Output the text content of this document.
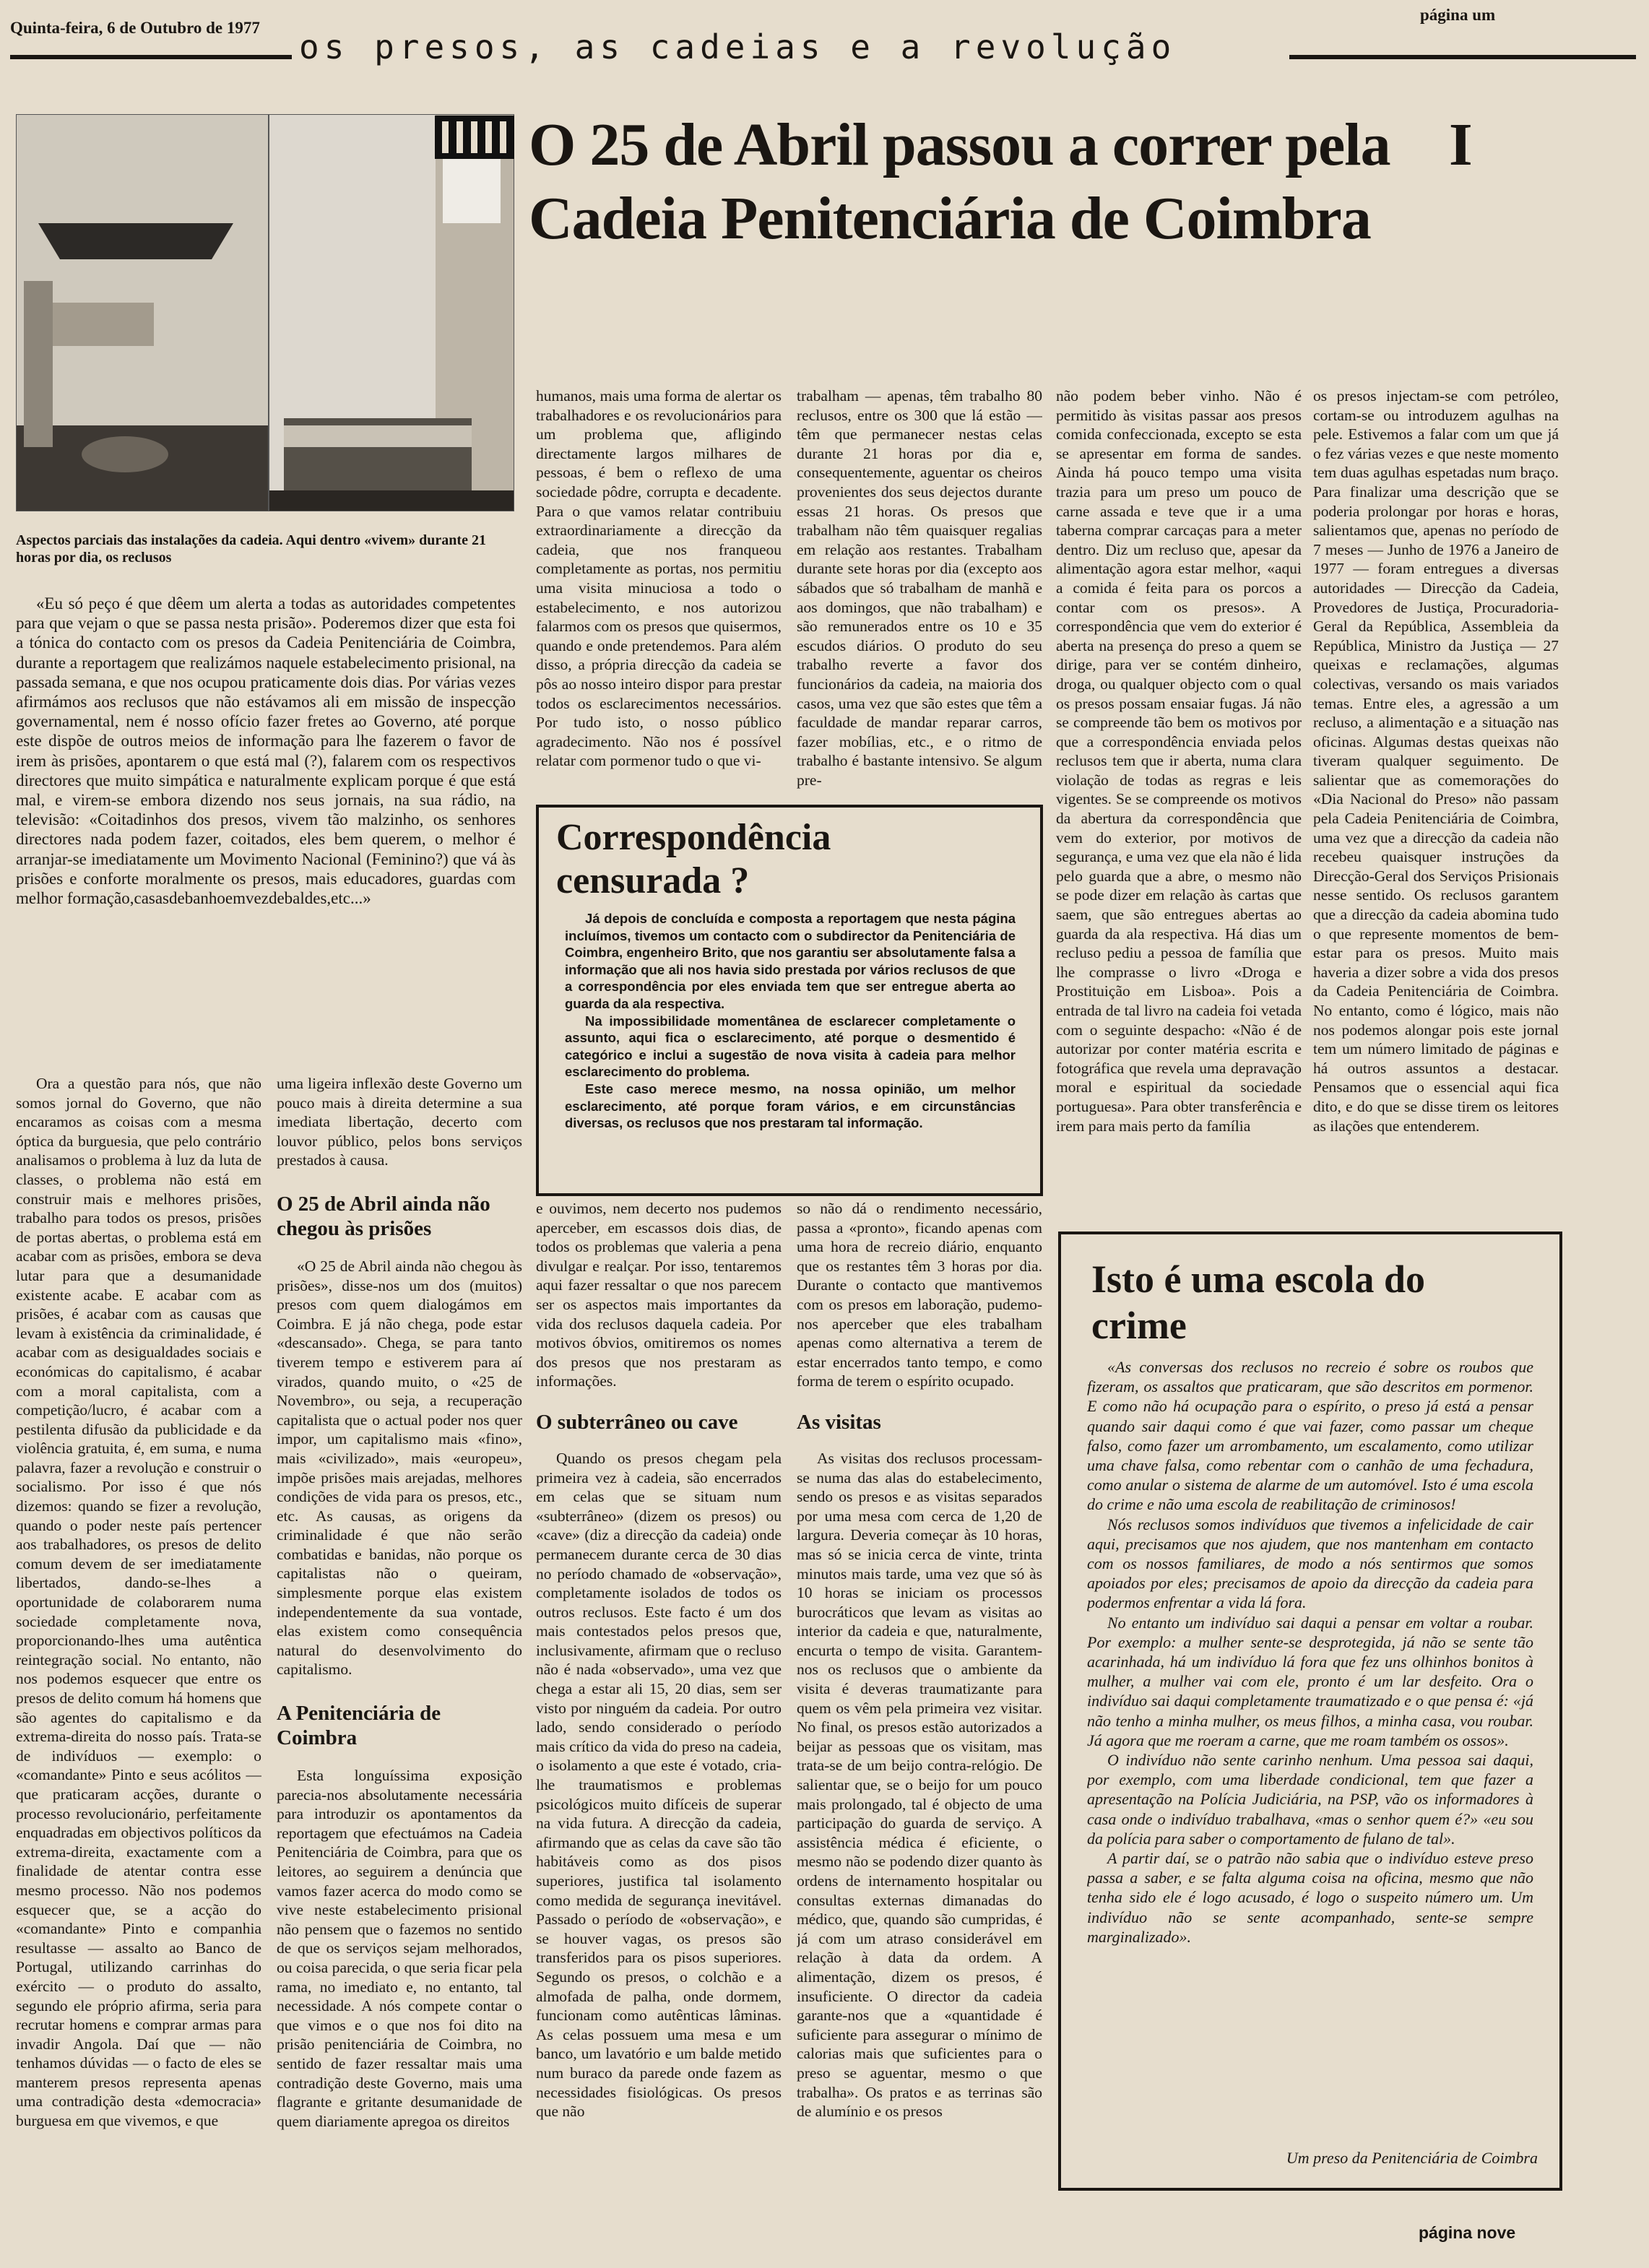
Quinta-feira, 6 de Outubro de 1977
página um
os presos, as cadeias e a revolução
Aspectos parciais das instalações da cadeia. Aqui dentro «vivem» durante 21 horas por dia, os reclusos
O 25 de Abril passou a correr pela Cadeia Penitenciária de Coimbra
I

«Eu só peço é que dêem um alerta a todas as autoridades competentes para que vejam o que se passa nesta prisão». Poderemos dizer que esta foi a tónica do contacto com os presos da Cadeia Penitenciária de Coimbra, durante a reportagem que realizámos naquele estabelecimento prisional, na passada semana, e que nos ocupou praticamente dois dias. Por várias vezes afirmámos aos reclusos que não estávamos ali em missão de inspecção governamental, nem é nosso ofício fazer fretes ao Governo, até porque este dispõe de outros meios de informação para lhe fazerem o favor de irem às prisões, apontarem o que está mal (?), falarem com os respectivos directores que muito simpática e naturalmente explicam porque é que está mal, e virem-se embora dizendo nos seus jornais, na sua rádio, na televisão: «Coitadinhos dos presos, vivem tão malzinho, os senhores directores nada podem fazer, coitados, eles bem querem, o melhor é arranjar-se imediatamente um Movimento Nacional (Feminino?) que vá às prisões e conforte moralmente os presos, mais educadores, guardas com melhor formação,casasdebanhoemvezdebaldes,etc...»

Ora a questão para nós, que não somos jornal do Governo, que não encaramos as coisas com a mesma óptica da burguesia, que pelo contrário analisamos o problema à luz da luta de classes, o problema não está em construir mais e melhores prisões, trabalho para todos os presos, prisões de portas abertas, o problema está em acabar com as prisões, embora se deva lutar para que a desumanidade existente acabe. E acabar com as prisões, é acabar com as causas que levam à existência da criminalidade, é acabar com as desigualdades sociais e económicas do capitalismo, é acabar com a moral capitalista, com a competição/lucro, é acabar com a pestilenta difusão da publicidade e da violência gratuita, é, em suma, e numa palavra, fazer a revolução e construir o socialismo. Por isso é que nós dizemos: quando se fizer a revolução, quando o poder neste país pertencer aos trabalhadores, os presos de delito comum devem de ser imediatamente libertados, dando-se-lhes a oportunidade de colaborarem numa sociedade completamente nova, proporcionando-lhes uma autêntica reintegração social. No entanto, não nos podemos esquecer que entre os presos de delito comum há homens que são agentes do capitalismo e da extrema-direita do nosso país. Trata-se de indivíduos — exemplo: o «comandante» Pinto e seus acólitos — que praticaram acções, durante o processo revolucionário, perfeitamente enquadradas em objectivos políticos da extrema-direita, exactamente com a finalidade de atentar contra esse mesmo processo. Não nos podemos esquecer que, se a acção do «comandante» Pinto e companhia resultasse — assalto ao Banco de Portugal, utilizando carrinhas do exército — o produto do assalto, segundo ele próprio afirma, seria para recrutar homens e comprar armas para invadir Angola. Daí que — não tenhamos dúvidas — o facto de eles se manterem presos representa apenas uma contradição desta «democracia» burguesa em que vivemos, e que

humanos, mais uma forma de alertar os trabalhadores e os revolucionários para um problema que, afligindo directamente largos milhares de pessoas, é bem o reflexo de uma sociedade pôdre, corrupta e decadente. Para o que vamos relatar contribuiu extraordinariamente a direcção da cadeia, que nos franqueou completamente as portas, nos permitiu uma visita minuciosa a todo o estabelecimento, e nos autorizou falarmos com os presos que quisermos, quando e onde pretendemos. Para além disso, a própria direcção da cadeia se pôs ao nosso inteiro dispor para prestar todos os esclarecimentos necessários. Por tudo isto, o nosso público agradecimento. Não nos é possível relatar com pormenor tudo o que vi-

trabalham — apenas, têm trabalho 80 reclusos, entre os 300 que lá estão — têm que permanecer nestas celas durante 21 horas por dia e, consequentemente, aguentar os cheiros provenientes dos seus dejectos durante essas 21 horas. Os presos que trabalham não têm quaisquer regalias em relação aos restantes. Trabalham durante sete horas por dia (excepto aos sábados que só trabalham de manhã e aos domingos, que não trabalham) e são remunerados entre os 10 e 35 escudos diários. O produto do seu trabalho reverte a favor dos funcionários da cadeia, na maioria dos casos, uma vez que são estes que têm a faculdade de mandar reparar carros, fazer mobílias, etc., e o ritmo de trabalho é bastante intensivo. Se algum pre-

não podem beber vinho. Não é permitido às visitas passar aos presos comida confeccionada, excepto se esta se apresentar em forma de sandes. Ainda há pouco tempo uma visita trazia para um preso um pouco de carne assada e teve que ir a uma taberna comprar carcaças para a meter dentro. Diz um recluso que, apesar da alimentação agora estar melhor, «aqui a comida é feita para os porcos a contar com os presos». A correspondência que vem do exterior é aberta na presença do preso a quem se dirige, para ver se contém dinheiro, droga, ou qualquer objecto com o qual os presos possam ensaiar fugas. Já não se compreende tão bem os motivos por que a correspondência enviada pelos reclusos tem que ir aberta, numa clara violação de todas as regras e leis vigentes. Se se compreende os motivos da abertura da correspondência que vem do exterior, por motivos de segurança, e uma vez que ela não é lida pelo guarda que a abre, o mesmo não se pode dizer em relação às cartas que saem, que são entregues abertas ao guarda da ala respectiva. Há dias um recluso pediu a pessoa de família que lhe comprasse o livro «Droga e Prostituição em Lisboa». Pois a entrada de tal livro na cadeia foi vetada com o seguinte despacho: «Não é de autorizar por conter matéria escrita e fotográfica que revela uma depravação moral e espiritual da sociedade portuguesa». Para obter transferência e irem para mais perto da família

os presos injectam-se com petróleo, cortam-se ou introduzem agulhas na pele. Estivemos a falar com um que já o fez várias vezes e que neste momento tem duas agulhas espetadas num braço. Para finalizar uma descrição que se poderia prolongar por horas e horas, salientamos que, apenas no período de 7 meses — Junho de 1976 a Janeiro de 1977 — foram entregues a diversas autoridades — Direcção da Cadeia, Provedores de Justiça, Procuradoria-Geral da República, Assembleia da República, Ministro da Justiça — 27 queixas e reclamações, algumas colectivas, versando os mais variados temas. Entre eles, a agressão a um recluso, a alimentação e a situação nas oficinas. Algumas destas queixas não tiveram qualquer seguimento. De salientar que as comemorações do «Dia Nacional do Preso» não passam pela Cadeia Penitenciária de Coimbra, uma vez que a direcção da cadeia não recebeu quaisquer instruções da Direcção-Geral dos Serviços Prisionais nesse sentido. Os reclusos garantem que a direcção da cadeia abomina tudo o que represente momentos de bem-estar para os presos. Muito mais haveria a dizer sobre a vida dos presos da Cadeia Penitenciária de Coimbra. No entanto, como é lógico, mais não nos podemos alongar pois este jornal tem um número limitado de páginas e há outros assuntos a destacar. Pensamos que o essencial aqui fica dito, e do que se disse tirem os leitores as ilações que entenderem.

Correspondência censurada ?

Já depois de concluída e composta a reportagem que nesta página incluímos, tivemos um contacto com o subdirector da Penitenciária de Coimbra, engenheiro Brito, que nos garantiu ser absolutamente falsa a informação que ali nos havia sido prestada por vários reclusos de que a correspondência por eles enviada tem que ser entregue aberta ao guarda da ala respectiva.

Na impossibilidade momentânea de esclarecer completamente o assunto, aqui fica o esclarecimento, até porque o desmentido é categórico e inclui a sugestão de nova visita à cadeia para melhor esclarecimento do problema.

Este caso merece mesmo, na nossa opinião, um melhor esclarecimento, até porque foram vários, e em circunstâncias diversas, os reclusos que nos prestaram tal informação.

uma ligeira inflexão deste Governo um pouco mais à direita determine a sua imediata libertação, decerto com louvor público, pelos bons serviços prestados à causa.

O 25 de Abril ainda não chegou às prisões

«O 25 de Abril ainda não chegou às prisões», disse-nos um dos (muitos) presos com quem dialogámos em Coimbra. E já não chega, pode estar «descansado». Chega, se para tanto tiverem tempo e estiverem para aí virados, quando muito, o «25 de Novembro», ou seja, a recuperação capitalista que o actual poder nos quer impor, um capitalismo mais «fino», mais «civilizado», mais «europeu», impõe prisões mais arejadas, melhores condições de vida para os presos, etc., etc. As causas, as origens da criminalidade é que não serão combatidas e banidas, não porque os capitalistas não o queiram, simplesmente porque elas existem independentemente da sua vontade, elas existem como consequência natural do desenvolvimento do capitalismo.

A Penitenciária de Coimbra

Esta longuíssima exposição parecia-nos absolutamente necessária para introduzir os apontamentos da reportagem que efectuámos na Cadeia Penitenciária de Coimbra, para que os leitores, ao seguirem a denúncia que vamos fazer acerca do modo como se vive neste estabelecimento prisional não pensem que o fazemos no sentido de que os serviços sejam melhorados, ou coisa parecida, o que seria ficar pela rama, no imediato e, no entanto, tal necessidade. A nós compete contar o que vimos e o que nos foi dito na prisão penitenciária de Coimbra, no sentido de fazer ressaltar mais uma contradição deste Governo, mais uma flagrante e gritante desumanidade de quem diariamente apregoa os direitos

e ouvimos, nem decerto nos pudemos aperceber, em escassos dois dias, de todos os problemas que valeria a pena divulgar e realçar. Por isso, tentaremos aqui fazer ressaltar o que nos parecem ser os aspectos mais importantes da vida dos reclusos daquela cadeia. Por motivos óbvios, omitiremos os nomes dos presos que nos prestaram as informações.

O subterrâneo ou cave

Quando os presos chegam pela primeira vez à cadeia, são encerrados em celas que se situam num «subterrâneo» (dizem os presos) ou «cave» (diz a direcção da cadeia) onde permanecem durante cerca de 30 dias no período chamado de «observação», completamente isolados de todos os outros reclusos. Este facto é um dos mais contestados pelos presos que, inclusivamente, afirmam que o recluso não é nada «observado», uma vez que chega a estar ali 15, 20 dias, sem ser visto por ninguém da cadeia. Por outro lado, sendo considerado o período mais crítico da vida do preso na cadeia, o isolamento a que este é votado, cria-lhe traumatismos e problemas psicológicos muito difíceis de superar na vida futura. A direcção da cadeia, afirmando que as celas da cave são tão habitáveis como as dos pisos superiores, justifica tal isolamento como medida de segurança inevitável. Passado o período de «observação», e se houver vagas, os presos são transferidos para os pisos superiores. Segundo os presos, o colchão e a almofada de palha, onde dormem, funcionam como autênticas lâminas. As celas possuem uma mesa e um banco, um lavatório e um balde metido num buraco da parede onde fazem as necessidades fisiológicas. Os presos que não

so não dá o rendimento necessário, passa a «pronto», ficando apenas com uma hora de recreio diário, enquanto que os restantes têm 3 horas por dia. Durante o contacto que mantivemos com os presos em laboração, pudemo-nos aperceber que eles trabalham apenas como alternativa a terem de estar encerrados tanto tempo, e como forma de terem o espírito ocupado.

As visitas

As visitas dos reclusos processam-se numa das alas do estabelecimento, sendo os presos e as visitas separados por uma mesa com cerca de 1,20 de largura. Deveria começar às 10 horas, mas só se inicia cerca de vinte, trinta minutos mais tarde, uma vez que só às 10 horas se iniciam os processos burocráticos que levam as visitas ao interior da cadeia e que, naturalmente, encurta o tempo de visita. Garantem-nos os reclusos que o ambiente da visita é deveras traumatizante para quem os vêm pela primeira vez visitar. No final, os presos estão autorizados a beijar as pessoas que os visitam, mas trata-se de um beijo contra-relógio. De salientar que, se o beijo for um pouco mais prolongado, tal é objecto de uma participação do guarda de serviço. A assistência médica é eficiente, o mesmo não se podendo dizer quanto às ordens de internamento hospitalar ou consultas externas dimanadas do médico, que, quando são cumpridas, é já com um atraso considerável em relação à data da ordem. A alimentação, dizem os presos, é insuficiente. O director da cadeia garante-nos que a «quantidade é suficiente para assegurar o mínimo de calorias mais que suficientes para o preso se aguentar, mesmo o que trabalha». Os pratos e as terrinas são de alumínio e os presos

Isto é uma escola do crime

«As conversas dos reclusos no recreio é sobre os roubos que fizeram, os assaltos que praticaram, que são descritos em pormenor. E como não há ocupação para o espírito, o preso já está a pensar quando sair daqui como é que vai fazer, como passar um cheque falso, como fazer um arrombamento, um escalamento, como utilizar uma chave falsa, como rebentar com o canhão de uma fechadura, como anular o sistema de alarme de um automóvel. Isto é uma escola do crime e não uma escola de reabilitação de criminosos!

Nós reclusos somos indivíduos que tivemos a infelicidade de cair aqui, precisamos que nos ajudem, que nos mantenham em contacto com os nossos familiares, de modo a nós sentirmos que somos apoiados por eles; precisamos de apoio da direcção da cadeia para podermos enfrentar a vida lá fora.

No entanto um indivíduo sai daqui a pensar em voltar a roubar. Por exemplo: a mulher sente-se desprotegida, já não se sente tão acarinhada, há um indivíduo lá fora que fez uns olhinhos bonitos à mulher, a mulher vai com ele, pronto é um lar desfeito. Ora o indivíduo sai daqui completamente traumatizado e o que pensa é: «já não tenho a minha mulher, os meus filhos, a minha casa, vou roubar. Já agora que me roeram a carne, que me roam também os ossos».

O indivíduo não sente carinho nenhum. Uma pessoa sai daqui, por exemplo, com uma liberdade condicional, tem que fazer a apresentação na Polícia Judiciária, na PSP, vão os informadores à casa onde o indivíduo trabalhava, «mas o senhor quem é?» «eu sou da polícia para saber o comportamento de fulano de tal».

A partir daí, se o patrão não sabia que o indivíduo esteve preso passa a saber, e se falta alguma coisa na oficina, mesmo que não tenha sido ele é logo acusado, é logo o suspeito número um. Um indivíduo não se sente acompanhado, sente-se sempre marginalizado».

Um preso da Penitenciária de Coimbra
página nove
